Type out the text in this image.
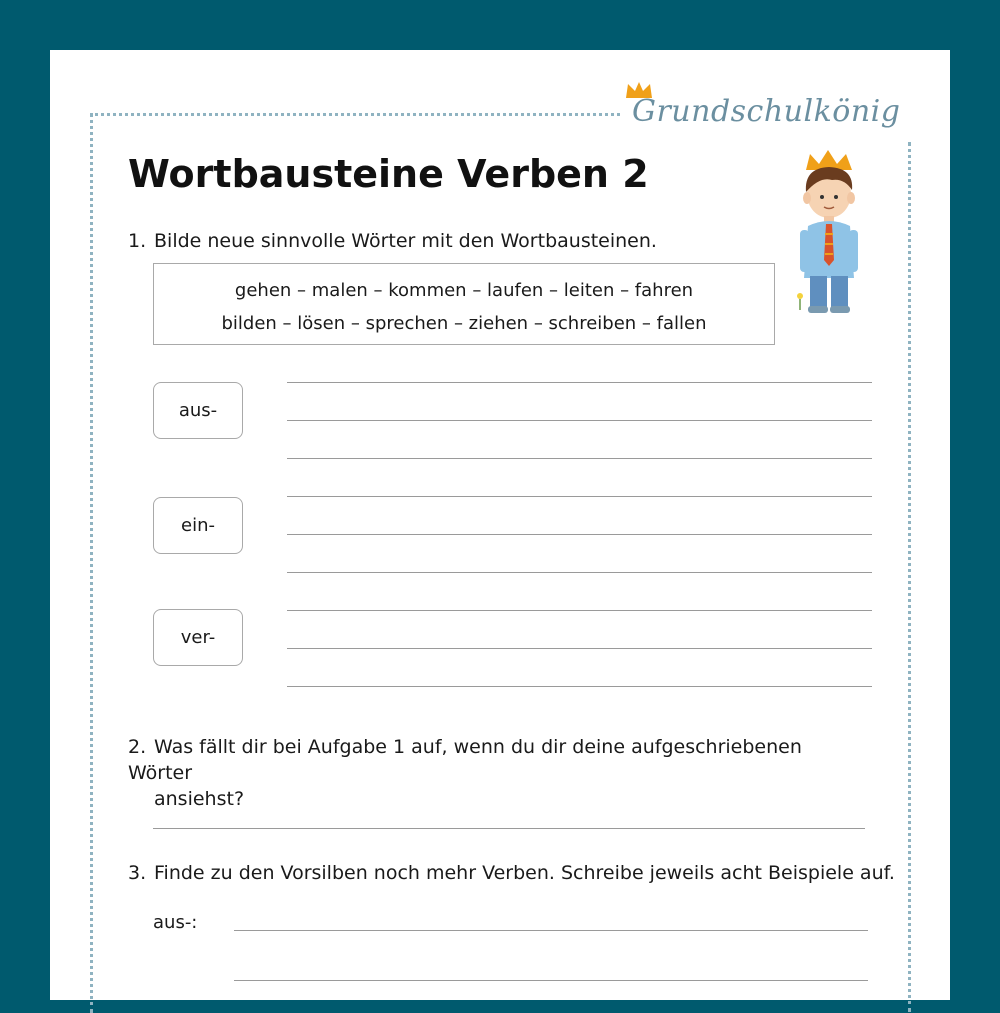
Grundschulkönig
Wortbausteine Verben 2
1. Bilde neue sinnvolle Wörter mit den Wortbausteinen.
gehen – malen – kommen – laufen – leiten – fahren
bilden – lösen – sprechen – ziehen – schreiben – fallen
aus-
ein-
ver-
2. Was fällt dir bei Aufgabe 1 auf, wenn du dir deine aufgeschriebenen Wörter
ansiehst?
3. Finde zu den Vorsilben noch mehr Verben. Schreibe jeweils acht Beispiele auf.
aus-:
